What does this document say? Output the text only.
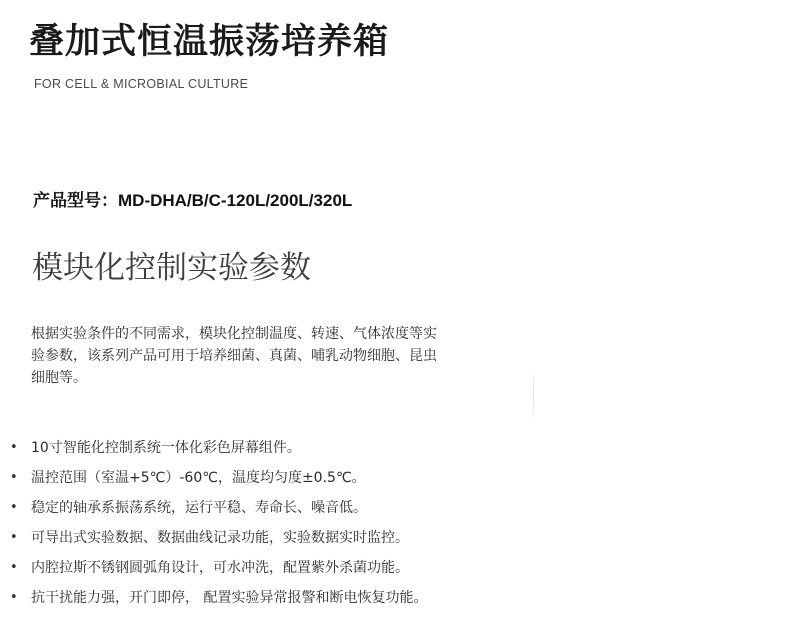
叠加式恒温振荡培养箱
FOR CELL & MICROBIAL CULTURE
产品型号：MD-DHA/B/C-120L/200L/320L
模块化控制实验参数
根据实验条件的不同需求，模块化控制温度、转速、气体浓度等实
验参数，该系列产品可用于培养细菌、真菌、哺乳动物细胞、昆虫
细胞等。
• 10寸智能化控制系统一体化彩色屏幕组件。
• 温控范围（室温+5℃）-60℃，温度均匀度±0.5℃。
• 稳定的轴承系振荡系统，运行平稳、寿命长、噪音低。
• 可导出式实验数据、数据曲线记录功能，实验数据实时监控。
• 内腔拉斯不锈钢圆弧角设计，可水冲洗，配置紫外杀菌功能。
• 抗干扰能力强，开门即停， 配置实验异常报警和断电恢复功能。
